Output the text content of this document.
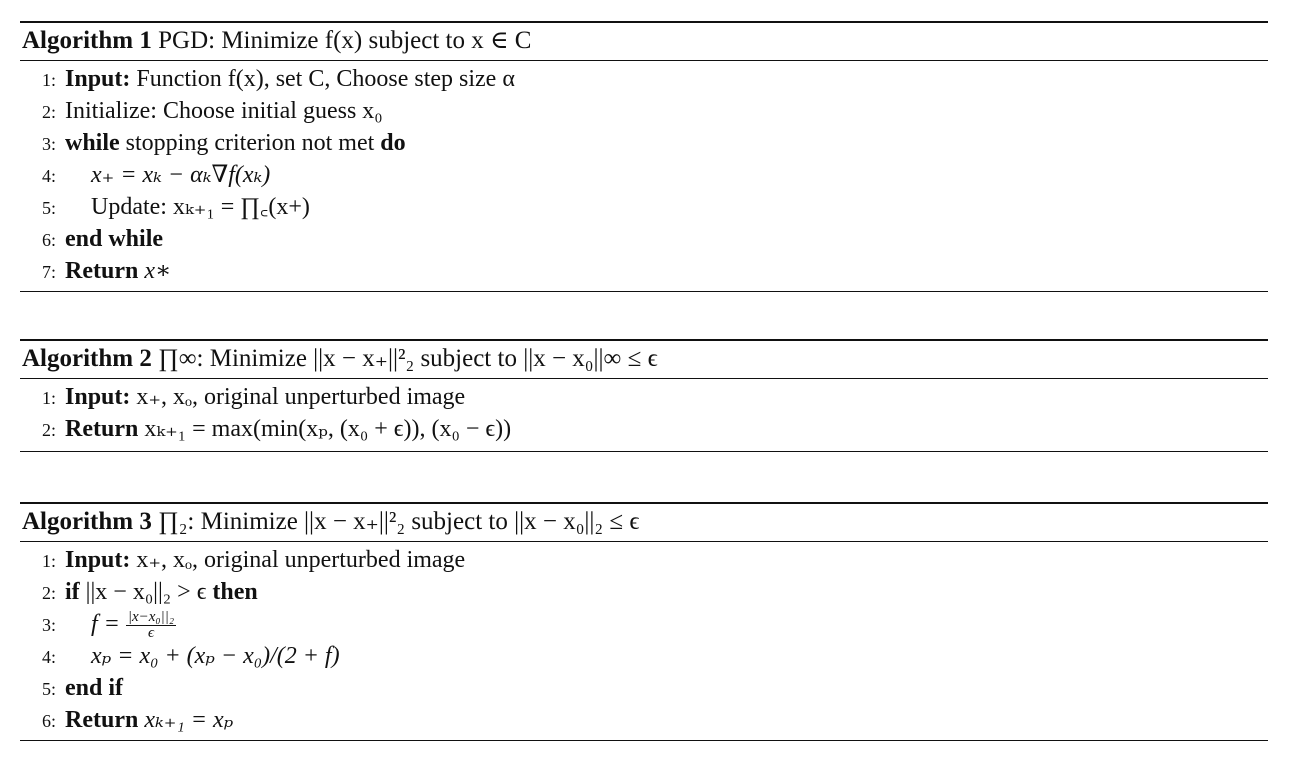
Algorithm 1 PGD: Minimize f(x) subject to x ∈ C
1: Input: Function f(x), set C, Choose step size α
2: Initialize: Choose initial guess x₀
3: while stopping criterion not met do
4: x₊ = xₖ − αₖ∇f(xₖ)
5: Update: xₖ₊₁ = ∏꜀(x+)
6: end while
7: Return x∗
Algorithm 2 ∏∞: Minimize ||x − x₊||²₂ subject to ||x − x₀||∞ ≤ ϵ
1: Input: x₊, xₒ, original unperturbed image
2: Return xₖ₊₁ = max(min(xₚ, (x₀ + ϵ)), (x₀ − ϵ))
Algorithm 3 ∏₂: Minimize ||x − x₊||²₂ subject to ||x − x₀||₂ ≤ ϵ
1: Input: x₊, xₒ, original unperturbed image
2: if ||x − x₀||₂ > ϵ then
3: $f = \frac{\text{|x−x₀||₂}}{\epsilon}$
4: xₚ = x₀ + (xₚ − x₀)/(2 + f)
5: end if
6: Return xₖ₊₁ = xₚ
